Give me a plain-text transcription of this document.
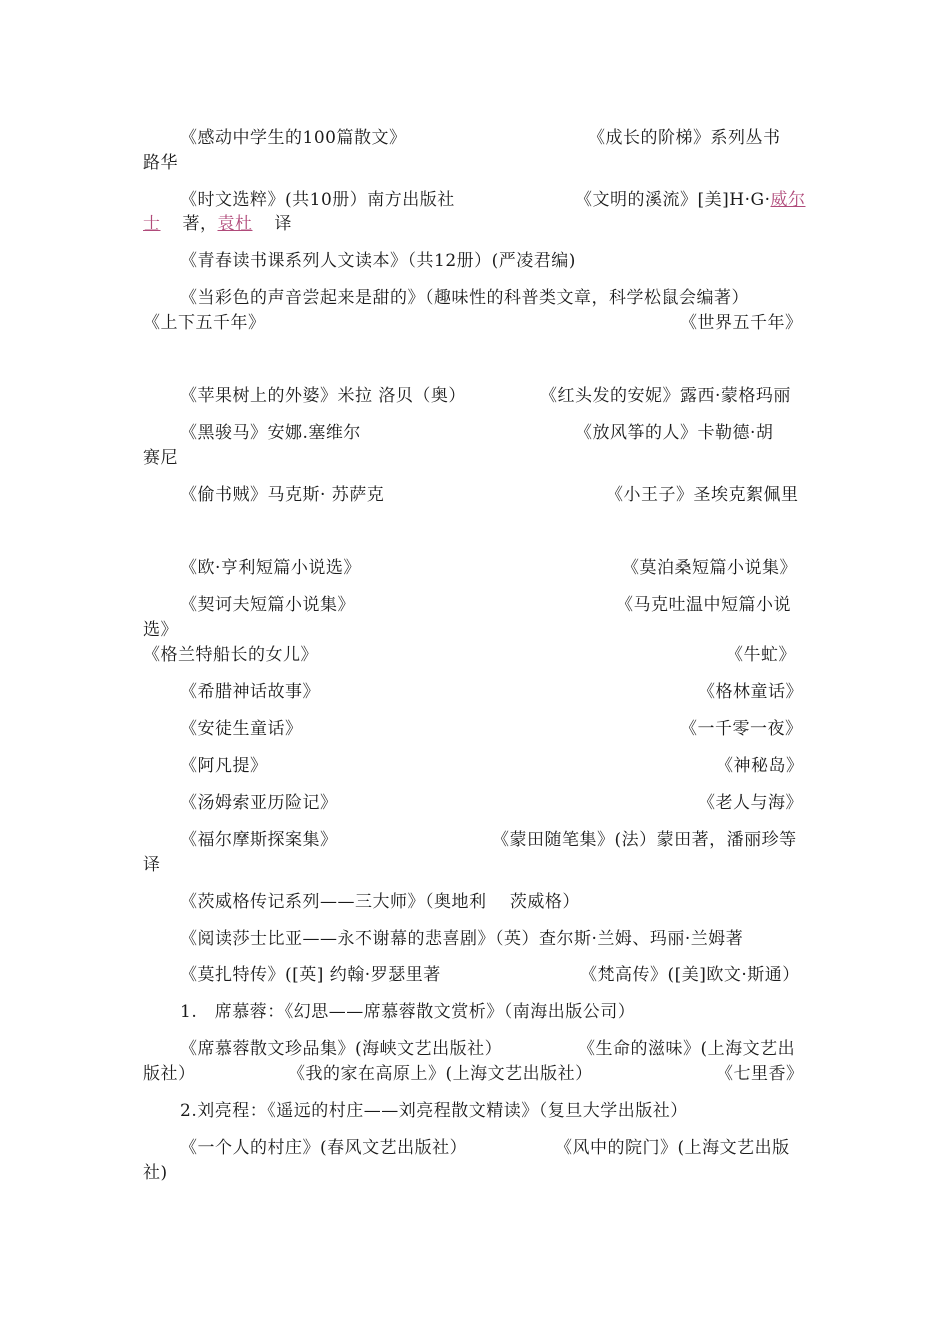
《感动中学生的100篇散文》	《成长的阶梯》系列丛书
路华
《时文选粹》(共10册）南方出版社	《文明的溪流》[美]H·G·威尔
士 著，袁杜 译
《青春读书课系列人文读本》（共12册）(严凌君编)
《当彩色的声音尝起来是甜的》（趣味性的科普类文章，科学松鼠会编著）
《上下五千年》	《世界五千年》
《苹果树上的外婆》米拉 洛贝（奥）	《红头发的安妮》露西·蒙格玛丽
《黑骏马》安娜.塞维尔	《放风筝的人》卡勒德·胡
赛尼
《偷书贼》马克斯· 苏萨克	《小王子》圣埃克絮佩里
《欧·亨利短篇小说选》	《莫泊桑短篇小说集》
《契诃夫短篇小说集》	《马克吐温中短篇小说
选》
《格兰特船长的女儿》	《牛虻》
《希腊神话故事》	《格林童话》
《安徒生童话》	《一千零一夜》
《阿凡提》	《神秘岛》
《汤姆索亚历险记》	《老人与海》
《福尔摩斯探案集》	《蒙田随笔集》(法）蒙田著，潘丽珍等
译
《茨威格传记系列——三大师》（奥地利　 茨威格）
《阅读莎士比亚——永不谢幕的悲喜剧》（英）查尔斯·兰姆、玛丽·兰姆著
《莫扎特传》([英] 约翰·罗瑟里著	《梵高传》([美]欧文·斯通）
1.　席慕蓉：《幻思——席慕蓉散文赏析》（南海出版公司）
《席慕蓉散文珍品集》(海峡文艺出版社）	《生命的滋味》(上海文艺出
版社）	《我的家在高原上》(上海文艺出版社）	《七里香》
2.刘亮程：《遥远的村庄——刘亮程散文精读》（复旦大学出版社）
《一个人的村庄》(春风文艺出版社）	《风中的院门》(上海文艺出版
社)
